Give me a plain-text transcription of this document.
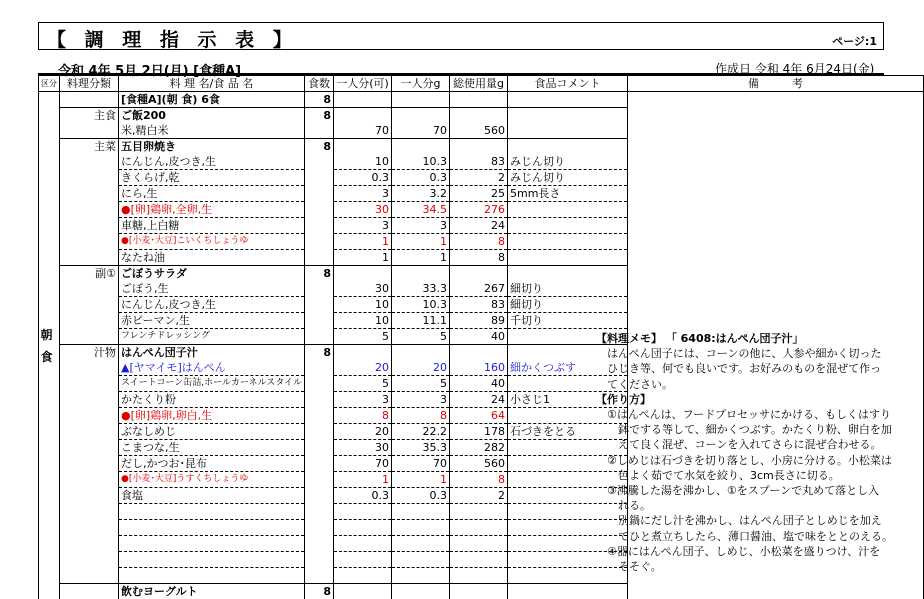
【 調 理 指 示 表 】	ページ:1
令和 4年 5月 2日(月) [食種A]	作成日 令和 4年 6月24日(金)
区分	料理分類	料 理 名/食 品 名	食数	一人分(可)	一人分g	総使用量g	食品コメント	備　　　考
		[食種A](朝 食) 6食	8					
	主食	ご飯200	8					
		米,精白米		70	70	560		
	主菜	五目卵焼き	8					
		にんじん,皮つき,生		10	10.3	83	みじん切り	
		きくらげ,乾		0.3	0.3	2	みじん切り	
		にら,生		3	3.2	25	5mm長さ	
		●[卵]鶏卵,全卵,生		30	34.5	276		
		車糖,上白糖		3	3	24		
		●[小麦･大豆]こいくちしょうゆ		1	1	8		
		なたね油		1	1	8		
	副①	ごぼうサラダ	8					
		ごぼう,生		30	33.3	267	細切り	
		にんじん,皮つき,生		10	10.3	83	細切り	
		赤ピーマン,生		10	11.1	89	千切り	
		フレンチドレッシング		5	5	40		
	汁物	はんぺん団子汁	8					
		▲[ヤマイモ]はんぺん		20	20	160	細かくつぶす	
		スイートコーン缶詰,ホールカーネルスタイル		5	5	40		
		かたくり粉		3	3	24	小さじ1	
		●[卵]鶏卵,卵白,生		8	8	64		
		ぶなしめじ		20	22.2	178	石づきをとる	
		こまつな,生		30	35.3	282		
		だし,かつお･昆布		70	70	560		
		●[小麦･大豆]うすくちしょうゆ		1	1	8		
		食塩		0.3	0.3	2		

		飲むヨーグルト	8					
朝
食
【料理メモ】 「 6408:はんぺん団子汁」
　はんぺん団子には、コーンの他に、人参や細かく切った
　ひじき等、何でも良いです。お好みのものを混ぜて作っ
　てください。
【作り方】
　①はんぺんは、フードプロセッサにかける、もしくはすり
　　鉢でする等して、細かくつぶす。かたくり粉、卵白を加
　　えて良く混ぜ、コーンを入れてさらに混ぜ合わせる。
　②しめじは石づきを切り落とし、小房に分ける。小松菜は
　　色よく茹でて水気を絞り、3cm長さに切る。
　③沸騰した湯を沸かし、①をスプーンで丸めて落とし入
　　れる。
　　別鍋にだし汁を沸かし、はんぺん団子としめじを加え
　　てひと煮立ちしたら、薄口醤油、塩で味をととのえる。
　④器にはんぺん団子、しめじ、小松菜を盛りつけ、汁を
　　そそぐ。
